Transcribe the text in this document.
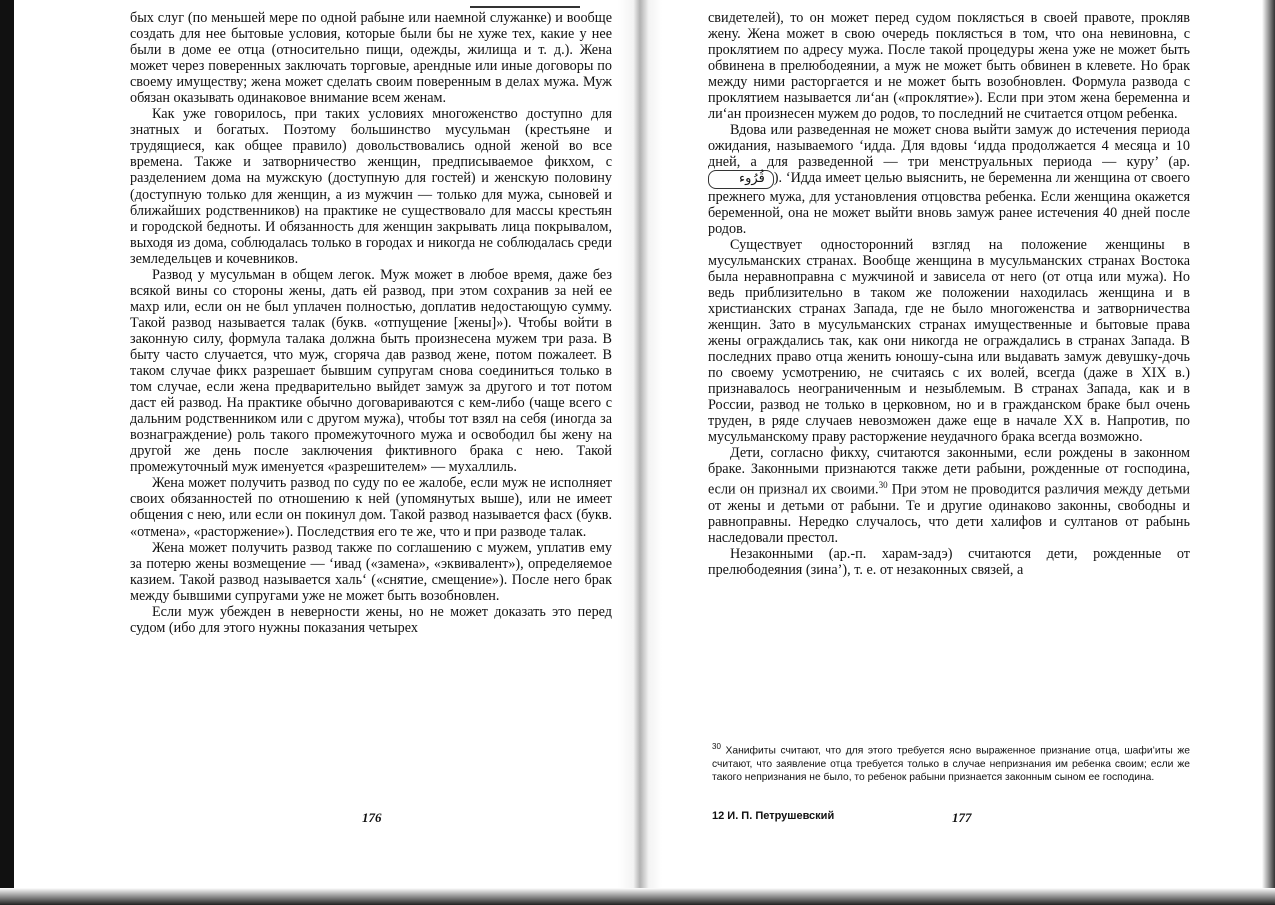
бых слуг (по меньшей мере по одной рабыне или наемной служанке) и вообще создать для нее бытовые условия, которые были бы не хуже тех, какие у нее были в доме ее отца (относительно пищи, одежды, жилища и т. д.). Жена может через поверенных заключать торговые, арендные или иные договоры по своему имуществу; жена может сделать своим поверенным в делах мужа. Муж обязан оказывать одинаковое внимание всем женам.

Как уже говорилось, при таких условиях многоженство доступно для знатных и богатых. Поэтому большинство мусульман (крестьяне и трудящиеся, как общее правило) довольствовались одной женой во все времена. Также и затворничество женщин, предписываемое фикхом, с разделением дома на мужскую (доступную для гостей) и женскую половину (доступную только для женщин, а из мужчин — только для мужа, сыновей и ближайших родственников) на практике не существовало для массы крестьян и городской бедноты. И обязанность для женщин закрывать лица покрывалом, выходя из дома, соблюдалась только в городах и никогда не соблюдалась среди земледельцев и кочевников.

Развод у мусульман в общем легок. Муж может в любое время, даже без всякой вины со стороны жены, дать ей развод, при этом сохранив за ней ее махр или, если он не был уплачен полностью, доплатив недостающую сумму. Такой развод называется талак (букв. «отпущение [жены]»). Чтобы войти в законную силу, формула талака должна быть произнесена мужем три раза. В быту часто случается, что муж, сгоряча дав развод жене, потом пожалеет. В таком случае фикх разрешает бывшим супругам снова соединиться только в том случае, если жена предварительно выйдет замуж за другого и тот потом даст ей развод. На практике обычно договариваются с кем-либо (чаще всего с дальним родственником или с другом мужа), чтобы тот взял на себя (иногда за вознаграждение) роль такого промежуточного мужа и освободил бы жену на другой же день после заключения фиктивного брака с нею. Такой промежуточный муж именуется «разрешителем» — мухаллиль.

Жена может получить развод по суду по ее жалобе, если муж не исполняет своих обязанностей по отношению к ней (упомянутых выше), или не имеет общения с нею, или если он покинул дом. Такой развод называется фасх (букв. «отмена», «расторжение»). Последствия его те же, что и при разводе талак.

Жена может получить развод также по соглашению с мужем, уплатив ему за потерю жены возмещение — ʻивад («замена», «эквивалент»), определяемое казием. Такой развод называется хальʻ («снятие, смещение»). После него брак между бывшими супругами уже не может быть возобновлен.

Если муж убежден в неверности жены, но не может доказать это перед судом (ибо для этого нужны показания четырех

176

свидетелей), то он может перед судом поклясться в своей правоте, прокляв жену. Жена может в свою очередь поклясться в том, что она невиновна, с проклятием по адресу мужа. После такой процедуры жена уже не может быть обвинена в прелюбодеянии, а муж не может быть обвинен в клевете. Но брак между ними расторгается и не может быть возобновлен. Формула развода с проклятием называется лиʻан («проклятие»). Если при этом жена беременна и лиʻан произнесен мужем до родов, то последний не считается отцом ребенка.

Вдова или разведенная не может снова выйти замуж до истечения периода ожидания, называемого ʻидда. Для вдовы ʻидда продолжается 4 месяца и 10 дней, а для разведенной — три менструальных периода — куру’ (ар. قُرُوء ). ʻИдда имеет целью выяснить, не беременна ли женщина от своего прежнего мужа, для установления отцовства ребенка. Если женщина окажется беременной, она не может выйти вновь замуж ранее истечения 40 дней после родов.

Существует односторонний взгляд на положение женщины в мусульманских странах. Вообще женщина в мусульманских странах Востока была неравноправна с мужчиной и зависела от него (от отца или мужа). Но ведь приблизительно в таком же положении находилась женщина и в христианских странах Запада, где не было многоженства и затворничества женщин. Зато в мусульманских странах имущественные и бытовые права жены ограждались так, как они никогда не ограждались в странах Запада. В последних право отца женить юношу-сына или выдавать замуж девушку-дочь по своему усмотрению, не считаясь с их волей, всегда (даже в XIX в.) признавалось неограниченным и незыблемым. В странах Запада, как и в России, развод не только в церковном, но и в гражданском браке был очень труден, в ряде случаев невозможен даже еще в начале XX в. Напротив, по мусульманскому праву расторжение неудачного брака всегда возможно.

Дети, согласно фикху, считаются законными, если рождены в законном браке. Законными признаются также дети рабыни, рожденные от господина, если он признал их своими.$^{30}$ При этом не проводится различия между детьми от жены и детьми от рабыни. Те и другие одинаково законны, свободны и равноправны. Нередко случалось, что дети халифов и султанов от рабынь наследовали престол.

Незаконными (ар.-п. харам-задэ) считаются дети, рожденные от прелюбодеяния (зина’), т. е. от незаконных связей, а

$^{30}$ Ханифиты считают, что для этого требуется ясно выраженное признание отца, шафиʻиты же считают, что заявление отца требуется только в случае непризнания им ребенка своим; если же такого непризнания не было, то ребенок рабыни признается законным сыном ее господина.
12 И. П. Петрушевский	177
